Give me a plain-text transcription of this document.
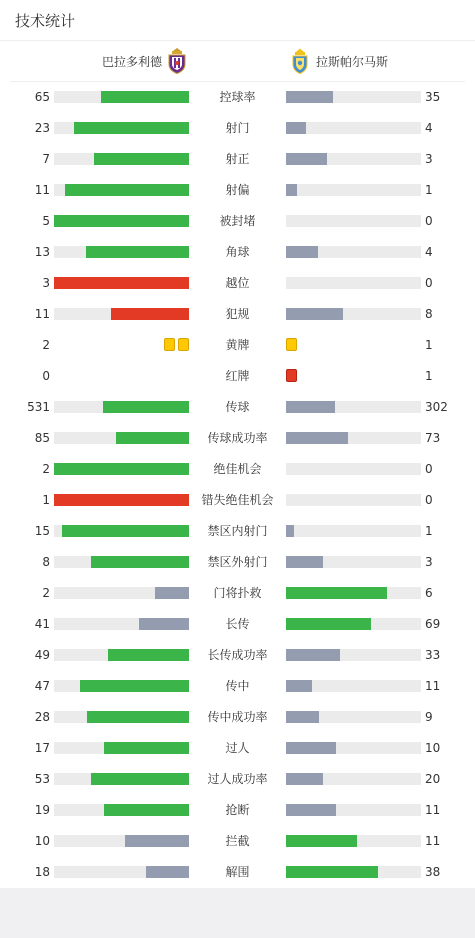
技术统计
巴拉多利德	拉斯帕尔马斯
65	控球率	35
23	射门	4
7	射正	3
11	射偏	1
5	被封堵	0
13	角球	4
3	越位	0
11	犯规	8
2	黄牌	1
0	红牌	1
531	传球	302
85	传球成功率	73
2	绝佳机会	0
1	错失绝佳机会	0
15	禁区内射门	1
8	禁区外射门	3
2	门将扑救	6
41	长传	69
49	长传成功率	33
47	传中	11
28	传中成功率	9
17	过人	10
53	过人成功率	20
19	抢断	11
10	拦截	11
18	解围	38
